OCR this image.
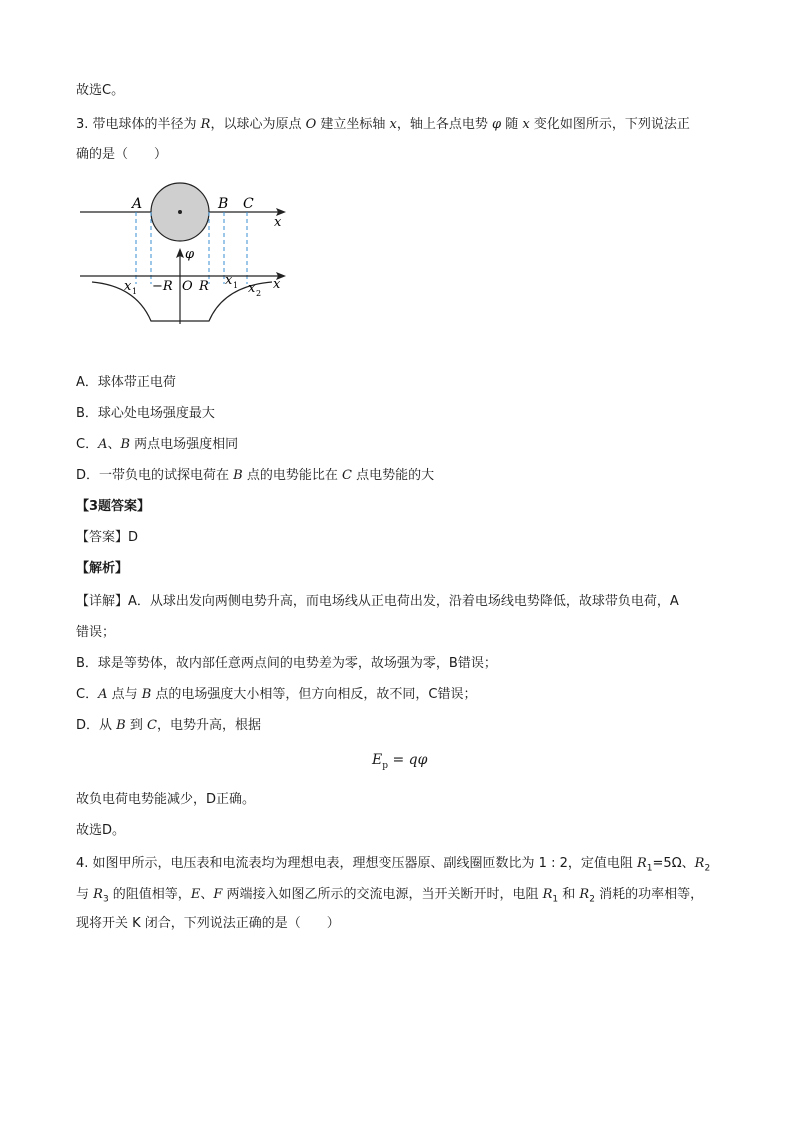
故选C。
3. 带电球体的半径为 R，以球心为原点 O 建立坐标轴 x，轴上各点电势 φ 随 x 变化如图所示，下列说法正
确的是（　　）
A	B C
x
φ
x
x 1 −R O R x 1 x 2
A．球体带正电荷
B．球心处电场强度最大
C．A、B 两点电场强度相同
D．一带负电的试探电荷在 B 点的电势能比在 C 点电势能的大
【3题答案】
【答案】D
【解析】
【详解】A．从球出发向两侧电势升高，而电场线从正电荷出发，沿着电场线电势降低，故球带负电荷，A
错误；
B．球是等势体，故内部任意两点间的电势差为零，故场强为零，B错误；
C．A 点与 B 点的电场强度大小相等，但方向相反，故不同，C错误；
D．从 B 到 C，电势升高，根据
$E_p = q\varphi$
故负电荷电势能减少，D正确。
故选D。
4. 如图甲所示，电压表和电流表均为理想电表，理想变压器原、副线圈匝数比为 1 : 2，定值电阻 $R_1=5\Omega$、$R_2$
与 $R_3$ 的阻值相等，E、F 两端接入如图乙所示的交流电源，当开关断开时，电阻 $R_1$ 和 $R_2$ 消耗的功率相等，
现将开关 K 闭合，下列说法正确的是（　　）
